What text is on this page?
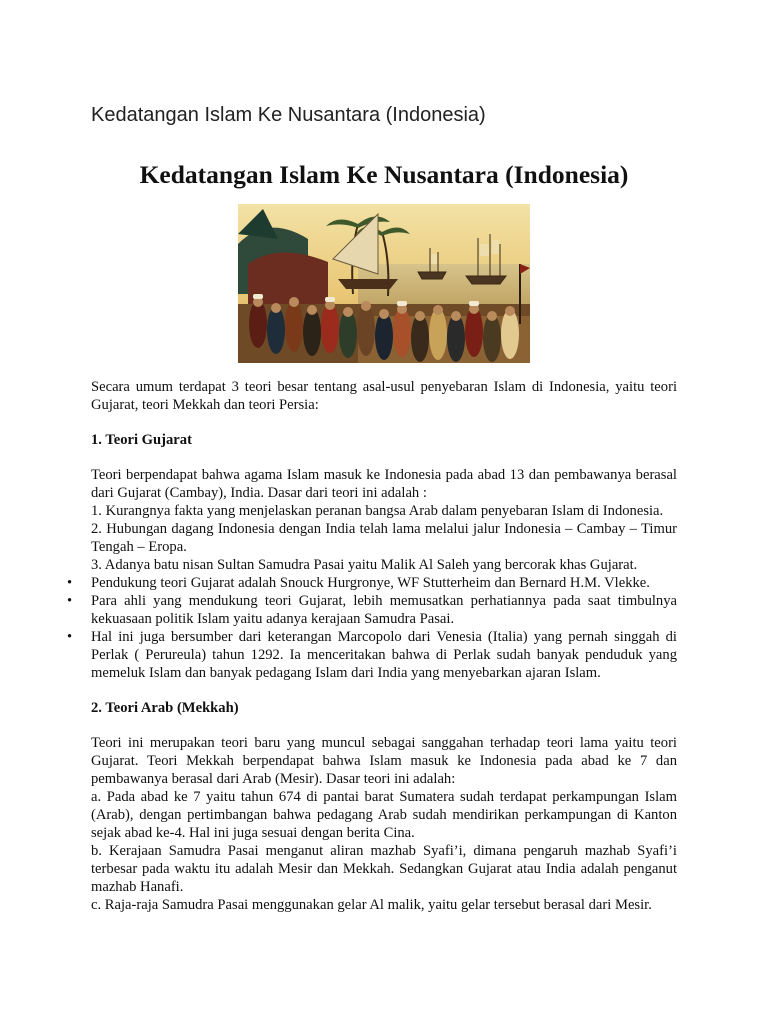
Kedatangan Islam Ke Nusantara (Indonesia)
Kedatangan Islam Ke Nusantara (Indonesia)

Secara umum terdapat 3 teori besar tentang asal-usul penyebaran Islam di Indonesia, yaitu teori Gujarat, teori Mekkah dan teori Persia:

1. Teori Gujarat

Teori berpendapat bahwa agama Islam masuk ke Indonesia pada abad 13 dan pembawanya berasal dari Gujarat (Cambay), India. Dasar dari teori ini adalah :

1. Kurangnya fakta yang menjelaskan peranan bangsa Arab dalam penyebaran Islam di Indonesia.

2. Hubungan dagang Indonesia dengan India telah lama melalui jalur Indonesia – Cambay – Timur Tengah – Eropa.

3. Adanya batu nisan Sultan Samudra Pasai yaitu Malik Al Saleh yang bercorak khas Gujarat.

• Pendukung teori Gujarat adalah Snouck Hurgronye, WF Stutterheim dan Bernard H.M. Vlekke.
• Para ahli yang mendukung teori Gujarat, lebih memusatkan perhatiannya pada saat timbulnya kekuasaan politik Islam yaitu adanya kerajaan Samudra Pasai.
• Hal ini juga bersumber dari keterangan Marcopolo dari Venesia (Italia) yang pernah singgah di Perlak ( Perureula) tahun 1292. Ia menceritakan bahwa di Perlak sudah banyak penduduk yang memeluk Islam dan banyak pedagang Islam dari India yang menyebarkan ajaran Islam.

2. Teori Arab (Mekkah)

Teori ini merupakan teori baru yang muncul sebagai sanggahan terhadap teori lama yaitu teori Gujarat. Teori Mekkah berpendapat bahwa Islam masuk ke Indonesia pada abad ke 7 dan pembawanya berasal dari Arab (Mesir). Dasar teori ini adalah:

a. Pada abad ke 7 yaitu tahun 674 di pantai barat Sumatera sudah terdapat perkampungan Islam (Arab), dengan pertimbangan bahwa pedagang Arab sudah mendirikan perkampungan di Kanton sejak abad ke-4. Hal ini juga sesuai dengan berita Cina.

b. Kerajaan Samudra Pasai menganut aliran mazhab Syafi’i, dimana pengaruh mazhab Syafi’i terbesar pada waktu itu adalah Mesir dan Mekkah. Sedangkan Gujarat atau India adalah penganut mazhab Hanafi.

c. Raja-raja Samudra Pasai menggunakan gelar Al malik, yaitu gelar tersebut berasal dari Mesir.
